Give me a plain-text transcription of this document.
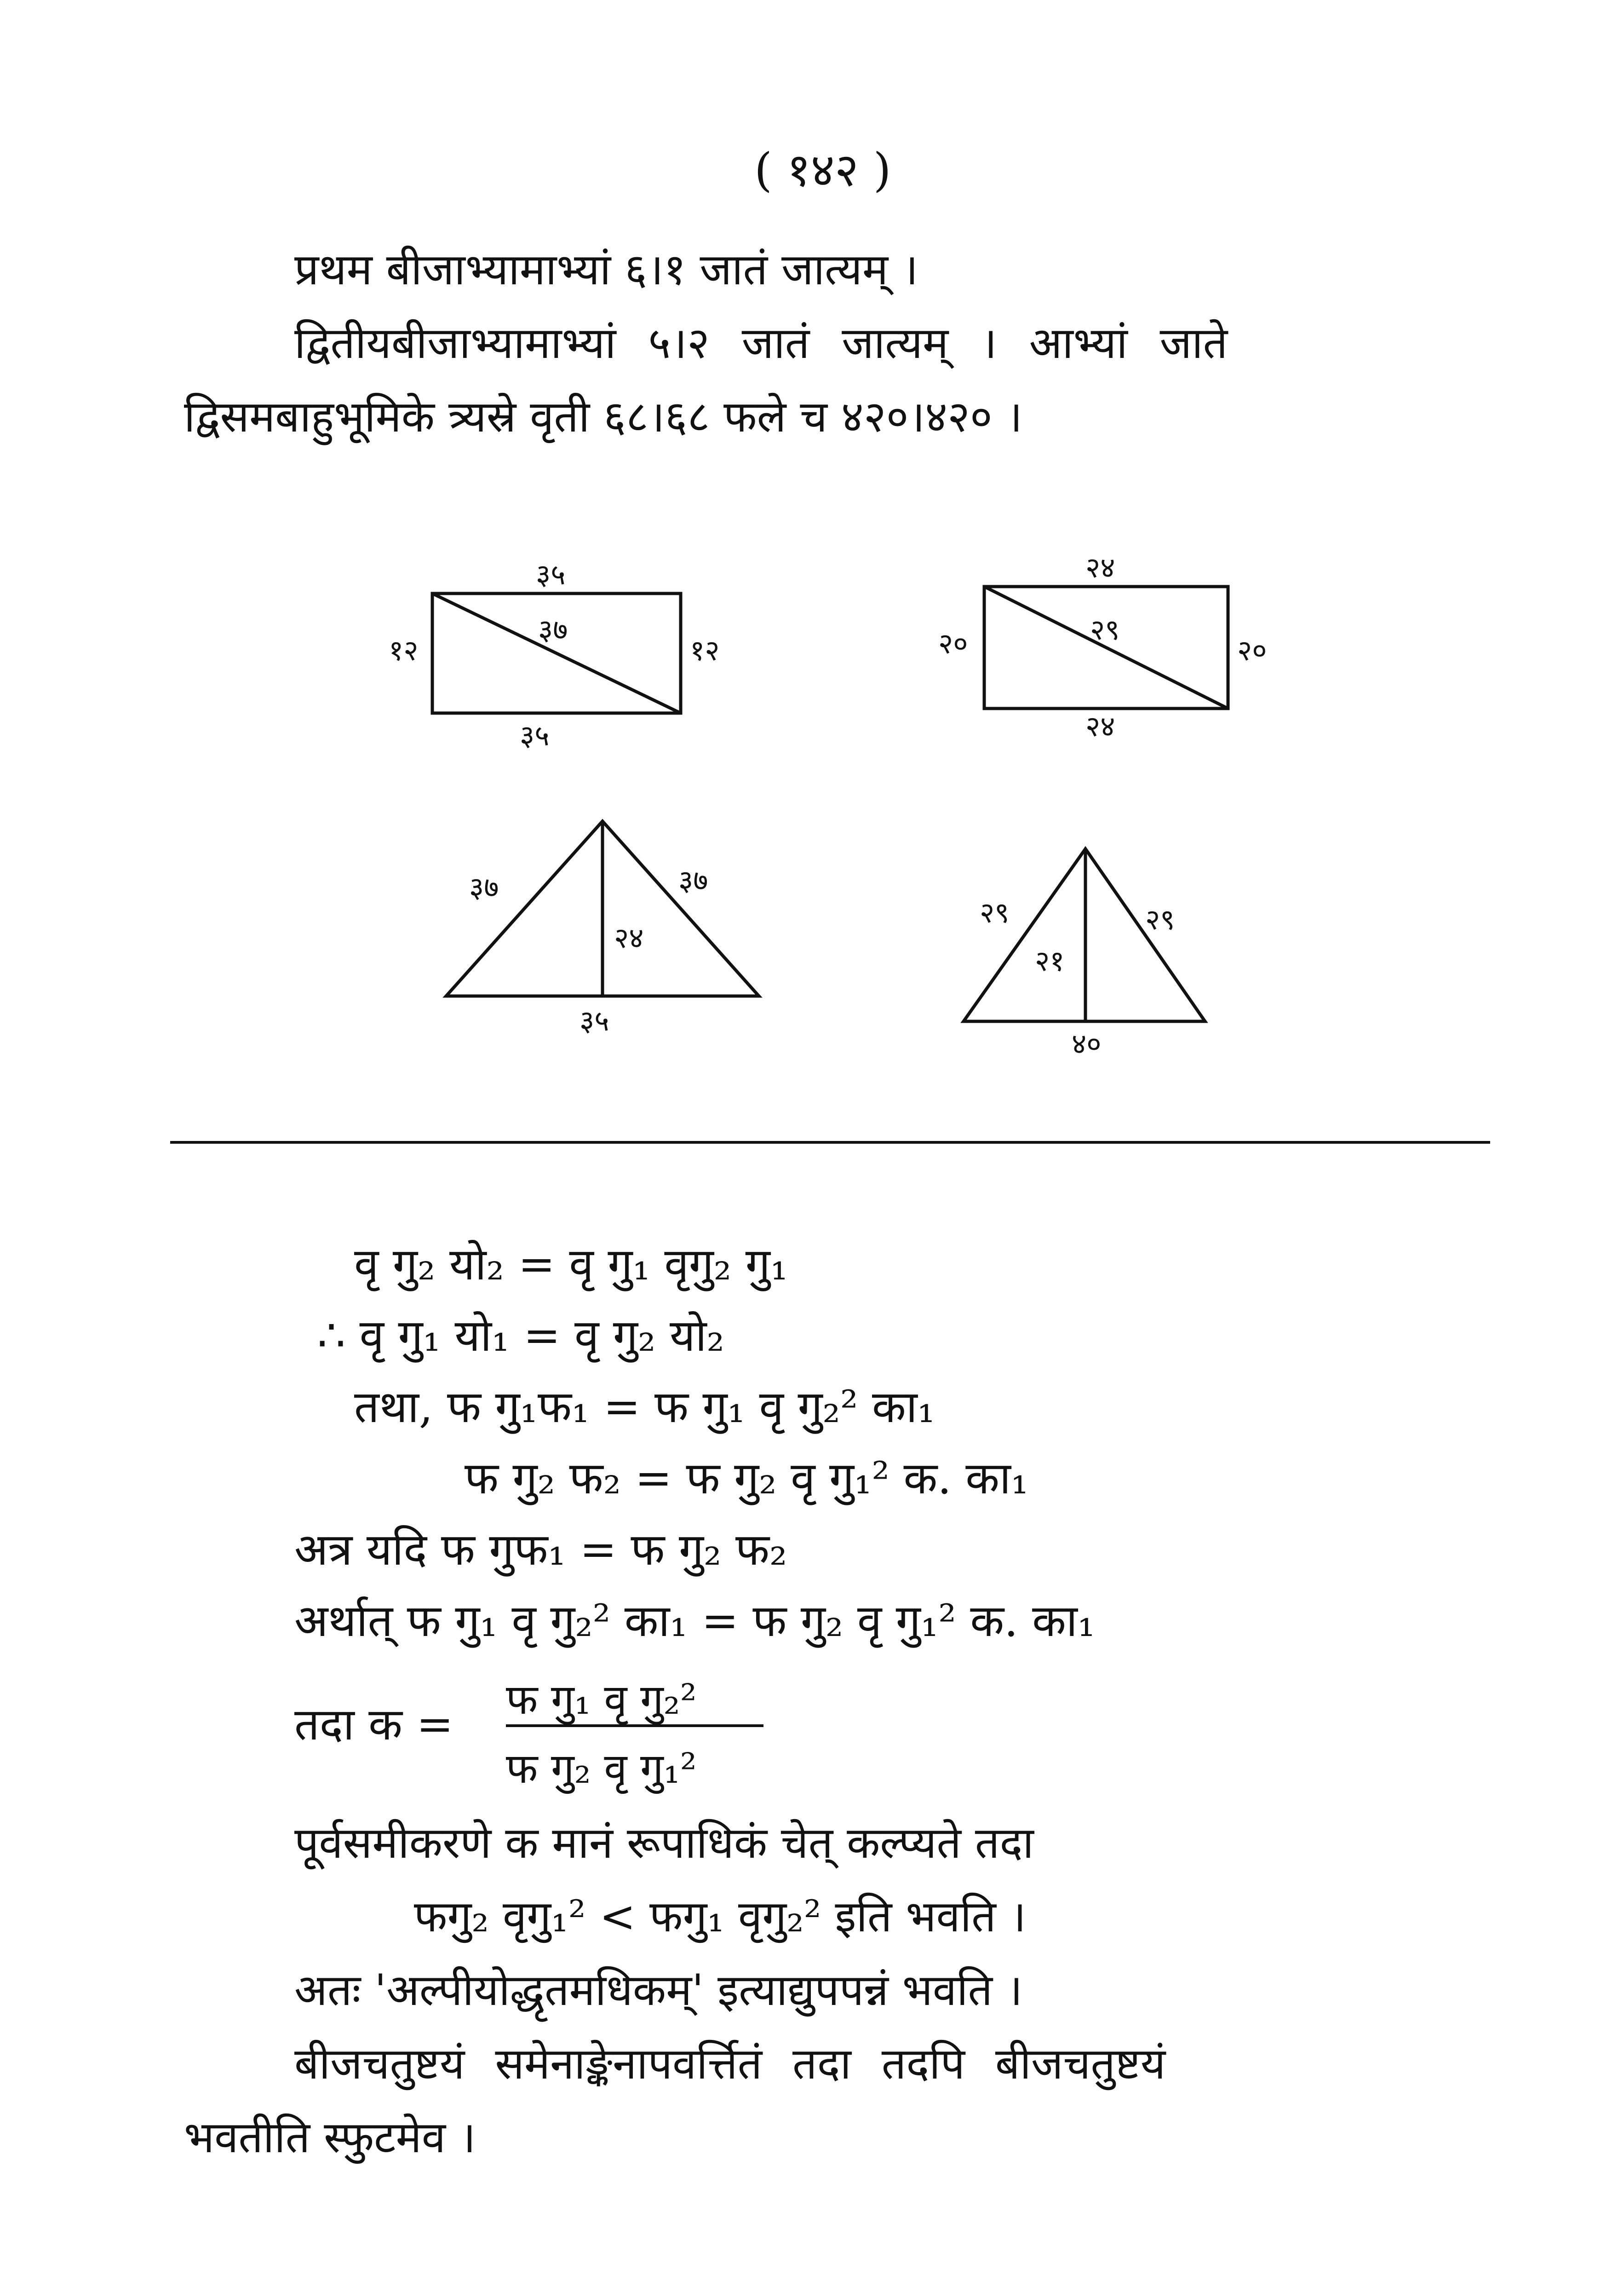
( १४२ )
प्रथम बीजाभ्यामाभ्यां ६।१ जातं जात्यम् ।
द्वितीयबीजाभ्यामाभ्यां ५।२ जातं जात्यम् । आभ्यां जाते
द्विसमबाहुभूमिके त्र्यस्रे वृती ६८।६८ फले च ४२०।४२० ।
३५
३५
१२	१२
३७
२४
२४
२०	२०
२९
३७	३७
२४
३५
२९	२९
२१
४०
वृ गु₂ यो₂ = वृ गु₁ वृगु₂ गु₁
∴ वृ गु₁ यो₁ = वृ गु₂ यो₂
तथा, फ गु₁फ₁ = फ गु₁ वृ गु₂² का₁
फ गु₂ फ₂ = फ गु₂ वृ गु₁² क. का₁
अत्र यदि फ गुफ₁ = फ गु₂ फ₂
अर्थात् फ गु₁ वृ गु₂² का₁ = फ गु₂ वृ गु₁² क. का₁
तदा क = फ गु₁ वृ गु₂²
फ गु₂ वृ गु₁²
पूर्वसमीकरणे क मानं रूपाधिकं चेत् कल्प्यते तदा
फगु₂ वृगु₁² < फगु₁ वृगु₂² इति भवति ।
अतः 'अल्पीयोद्धृतमधिकम्' इत्याद्युपपन्नं भवति ।
बीजचतुष्टयं समेनाङ्केनापवर्त्तितं तदा तदपि बीजचतुष्टयं
भवतीति स्फुटमेव ।
